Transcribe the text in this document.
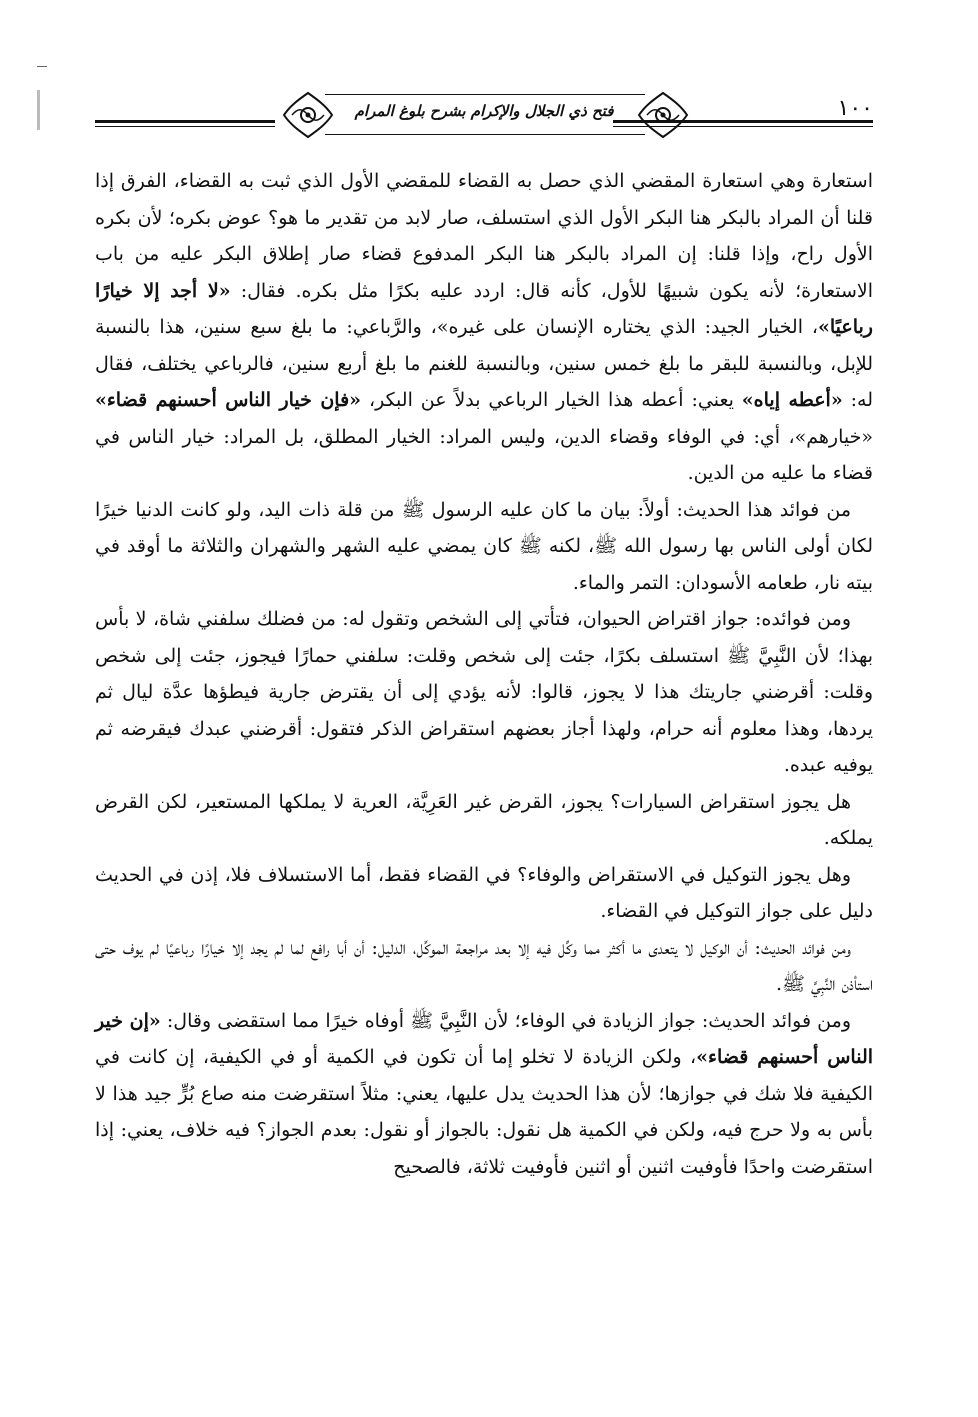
فتح ذي الجلال والإكرام بشرح بلوغ المرام	١٠٠

استعارة وهي استعارة المقضي الذي حصل به القضاء للمقضي الأول الذي ثبت به القضاء، الفرق إذا قلنا أن المراد بالبكر هنا البكر الأول الذي استسلف، صار لابد من تقدير ما هو؟ عوض بكره؛ لأن بكره الأول راح، وإذا قلنا: إن المراد بالبكر هنا البكر المدفوع قضاء صار إطلاق البكر عليه من باب الاستعارة؛ لأنه يكون شبيهًا للأول، كأنه قال: اردد عليه بكرًا مثل بكره. فقال: «لا أجد إلا خيارًا رباعيًا»، الخيار الجيد: الذي يختاره الإنسان على غيره»، والرَّباعي: ما بلغ سبع سنين، هذا بالنسبة للإبل، وبالنسبة للبقر ما بلغ خمس سنين، وبالنسبة للغنم ما بلغ أربع سنين، فالرباعي يختلف، فقال له: «أعطه إياه» يعني: أعطه هذا الخيار الرباعي بدلاً عن البكر، «فإن خيار الناس أحسنهم قضاء» «خيارهم»، أي: في الوفاء وقضاء الدين، وليس المراد: الخيار المطلق، بل المراد: خيار الناس في قضاء ما عليه من الدين.

من فوائد هذا الحديث: أولاً: بيان ما كان عليه الرسول ﷺ من قلة ذات اليد، ولو كانت الدنيا خيرًا لكان أولى الناس بها رسول الله ﷺ، لكنه ﷺ كان يمضي عليه الشهر والشهران والثلاثة ما أوقد في بيته نار، طعامه الأسودان: التمر والماء.

ومن فوائده: جواز اقتراض الحيوان، فتأتي إلى الشخص وتقول له: من فضلك سلفني شاة، لا بأس بهذا؛ لأن النَّبِيَّ ﷺ استسلف بكرًا، جئت إلى شخص وقلت: سلفني حمارًا فيجوز، جئت إلى شخص وقلت: أقرضني جاريتك هذا لا يجوز، قالوا: لأنه يؤدي إلى أن يقترض جارية فيطؤها عدَّة ليال ثم يردها، وهذا معلوم أنه حرام، ولهذا أجاز بعضهم استقراض الذكر فتقول: أقرضني عبدك فيقرضه ثم يوفيه عبده.

هل يجوز استقراض السيارات؟ يجوز، القرض غير العَرِيَّة، العرية لا يملكها المستعير، لكن القرض يملكه.

وهل يجوز التوكيل في الاستقراض والوفاء؟ في القضاء فقط، أما الاستسلاف فلا، إذن في الحديث دليل على جواز التوكيل في القضاء.

ومن فوائد الحديث: أن الوكيل لا يتعدى ما أكثر مما وكِّل فيه إلا بعد مراجعة الموكِّل، الدليل: أن أبا رافع لما لم يجد إلا خيارًا رباعيًا لم يوف حتى استأذن النَّبِيَّ ﷺ.

ومن فوائد الحديث: جواز الزيادة في الوفاء؛ لأن النَّبِيَّ ﷺ أوفاه خيرًا مما استقضى وقال: «إن خير الناس أحسنهم قضاء»، ولكن الزيادة لا تخلو إما أن تكون في الكمية أو في الكيفية، إن كانت في الكيفية فلا شك في جوازها؛ لأن هذا الحديث يدل عليها، يعني: مثلاً استقرضت منه صاع بُرٍّ جيد هذا لا بأس به ولا حرج فيه، ولكن في الكمية هل نقول: بالجواز أو نقول: بعدم الجواز؟ فيه خلاف، يعني: إذا استقرضت واحدًا فأوفيت اثنين أو اثنين فأوفيت ثلاثة، فالصحيح
